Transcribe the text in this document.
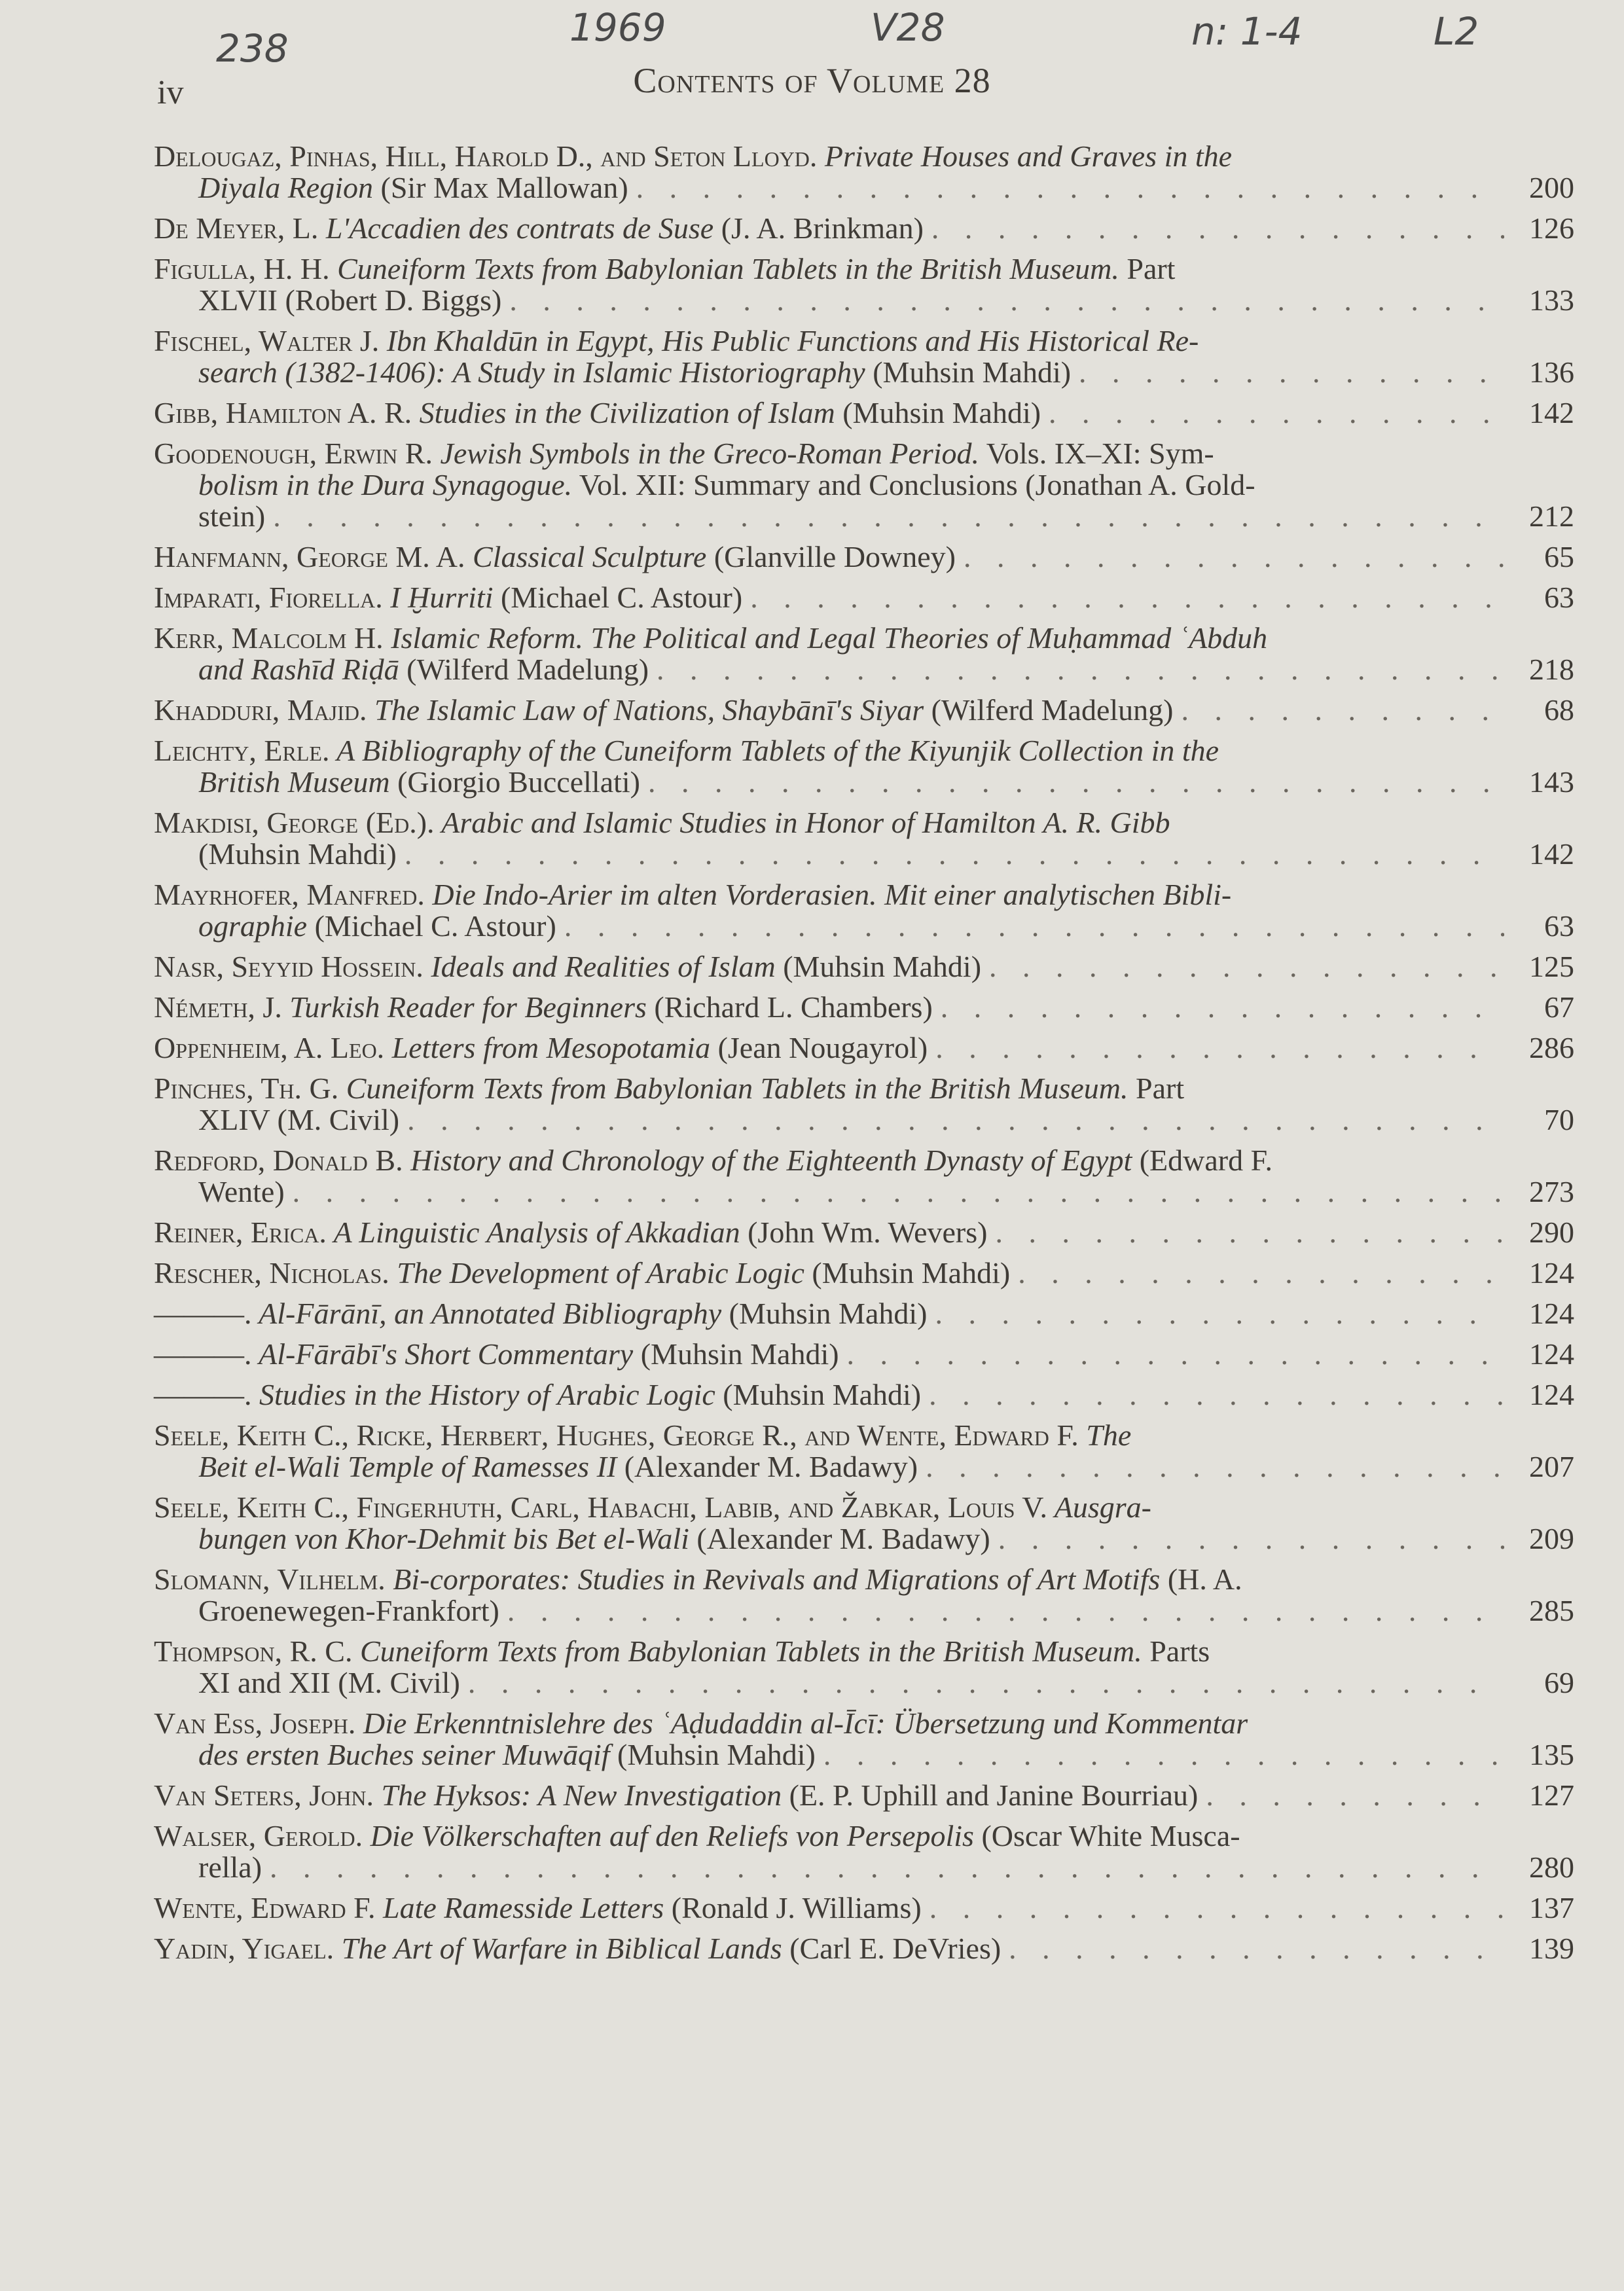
238	1969	V28	n: 1-4	L2
iv	Contents of Volume 28
Delougaz, Pinhas, Hill, Harold D., and Seton Lloyd. Private Houses and Graves in the
Diyala Region (Sir Max Mallowan) . . .	200
De Meyer, L. L'Accadien des contrats de Suse (J. A. Brinkman) . . .	126
Figulla, H. H. Cuneiform Texts from Babylonian Tablets in the British Museum. Part
XLVII (Robert D. Biggs) . . .	133
Fischel, Walter J. Ibn Khaldūn in Egypt, His Public Functions and His Historical Re-
search (1382-1406): A Study in Islamic Historiography (Muhsin Mahdi) . . .	136
Gibb, Hamilton A. R. Studies in the Civilization of Islam (Muhsin Mahdi) . . .	142
Goodenough, Erwin R. Jewish Symbols in the Greco-Roman Period. Vols. IX–XI: Sym-
bolism in the Dura Synagogue. Vol. XII: Summary and Conclusions (Jonathan A. Gold-
stein) . . .	212
Hanfmann, George M. A. Classical Sculpture (Glanville Downey) . . .	65
Imparati, Fiorella. I Ḫurriti (Michael C. Astour) . . .	63
Kerr, Malcolm H. Islamic Reform. The Political and Legal Theories of Muḥammad ʿAbduh
and Rashīd Riḍā (Wilferd Madelung) . . .	218
Khadduri, Majid. The Islamic Law of Nations, Shaybānī's Siyar (Wilferd Madelung) . . .	68
Leichty, Erle. A Bibliography of the Cuneiform Tablets of the Kiyunjik Collection in the
British Museum (Giorgio Buccellati) . . .	143
Makdisi, George (Ed.). Arabic and Islamic Studies in Honor of Hamilton A. R. Gibb
(Muhsin Mahdi) . . .	142
Mayrhofer, Manfred. Die Indo-Arier im alten Vorderasien. Mit einer analytischen Bibli-
ographie (Michael C. Astour) . . .	63
Nasr, Seyyid Hossein. Ideals and Realities of Islam (Muhsin Mahdi) . . .	125
Németh, J. Turkish Reader for Beginners (Richard L. Chambers) . . .	67
Oppenheim, A. Leo. Letters from Mesopotamia (Jean Nougayrol) . . .	286
Pinches, Th. G. Cuneiform Texts from Babylonian Tablets in the British Museum. Part
XLIV (M. Civil) . . .	70
Redford, Donald B. History and Chronology of the Eighteenth Dynasty of Egypt (Edward F.
Wente) . . .	273
Reiner, Erica. A Linguistic Analysis of Akkadian (John Wm. Wevers) . . .	290
Rescher, Nicholas. The Development of Arabic Logic (Muhsin Mahdi) . . .	124
———. Al-Fārānī, an Annotated Bibliography (Muhsin Mahdi) . . .	124
———. Al-Fārābī's Short Commentary (Muhsin Mahdi) . . .	124
———. Studies in the History of Arabic Logic (Muhsin Mahdi) . . .	124
Seele, Keith C., Ricke, Herbert, Hughes, George R., and Wente, Edward F. The
Beit el-Wali Temple of Ramesses II (Alexander M. Badawy) . . .	207
Seele, Keith C., Fingerhuth, Carl, Habachi, Labib, and Žabkar, Louis V. Ausgra-
bungen von Khor-Dehmit bis Bet el-Wali (Alexander M. Badawy) . . .	209
Slomann, Vilhelm. Bi-corporates: Studies in Revivals and Migrations of Art Motifs (H. A.
Groenewegen-Frankfort) . . .	285
Thompson, R. C. Cuneiform Texts from Babylonian Tablets in the British Museum. Parts
XI and XII (M. Civil) . . .	69
Van Ess, Joseph. Die Erkenntnislehre des ʿAḍudaddin al-Īcī: Übersetzung und Kommentar
des ersten Buches seiner Muwāqif (Muhsin Mahdi) . . .	135
Van Seters, John. The Hyksos: A New Investigation (E. P. Uphill and Janine Bourriau) . . .	127
Walser, Gerold. Die Völkerschaften auf den Reliefs von Persepolis (Oscar White Musca-
rella) . . .	280
Wente, Edward F. Late Ramesside Letters (Ronald J. Williams) . . .	137
Yadin, Yigael. The Art of Warfare in Biblical Lands (Carl E. DeVries) . . .	139
